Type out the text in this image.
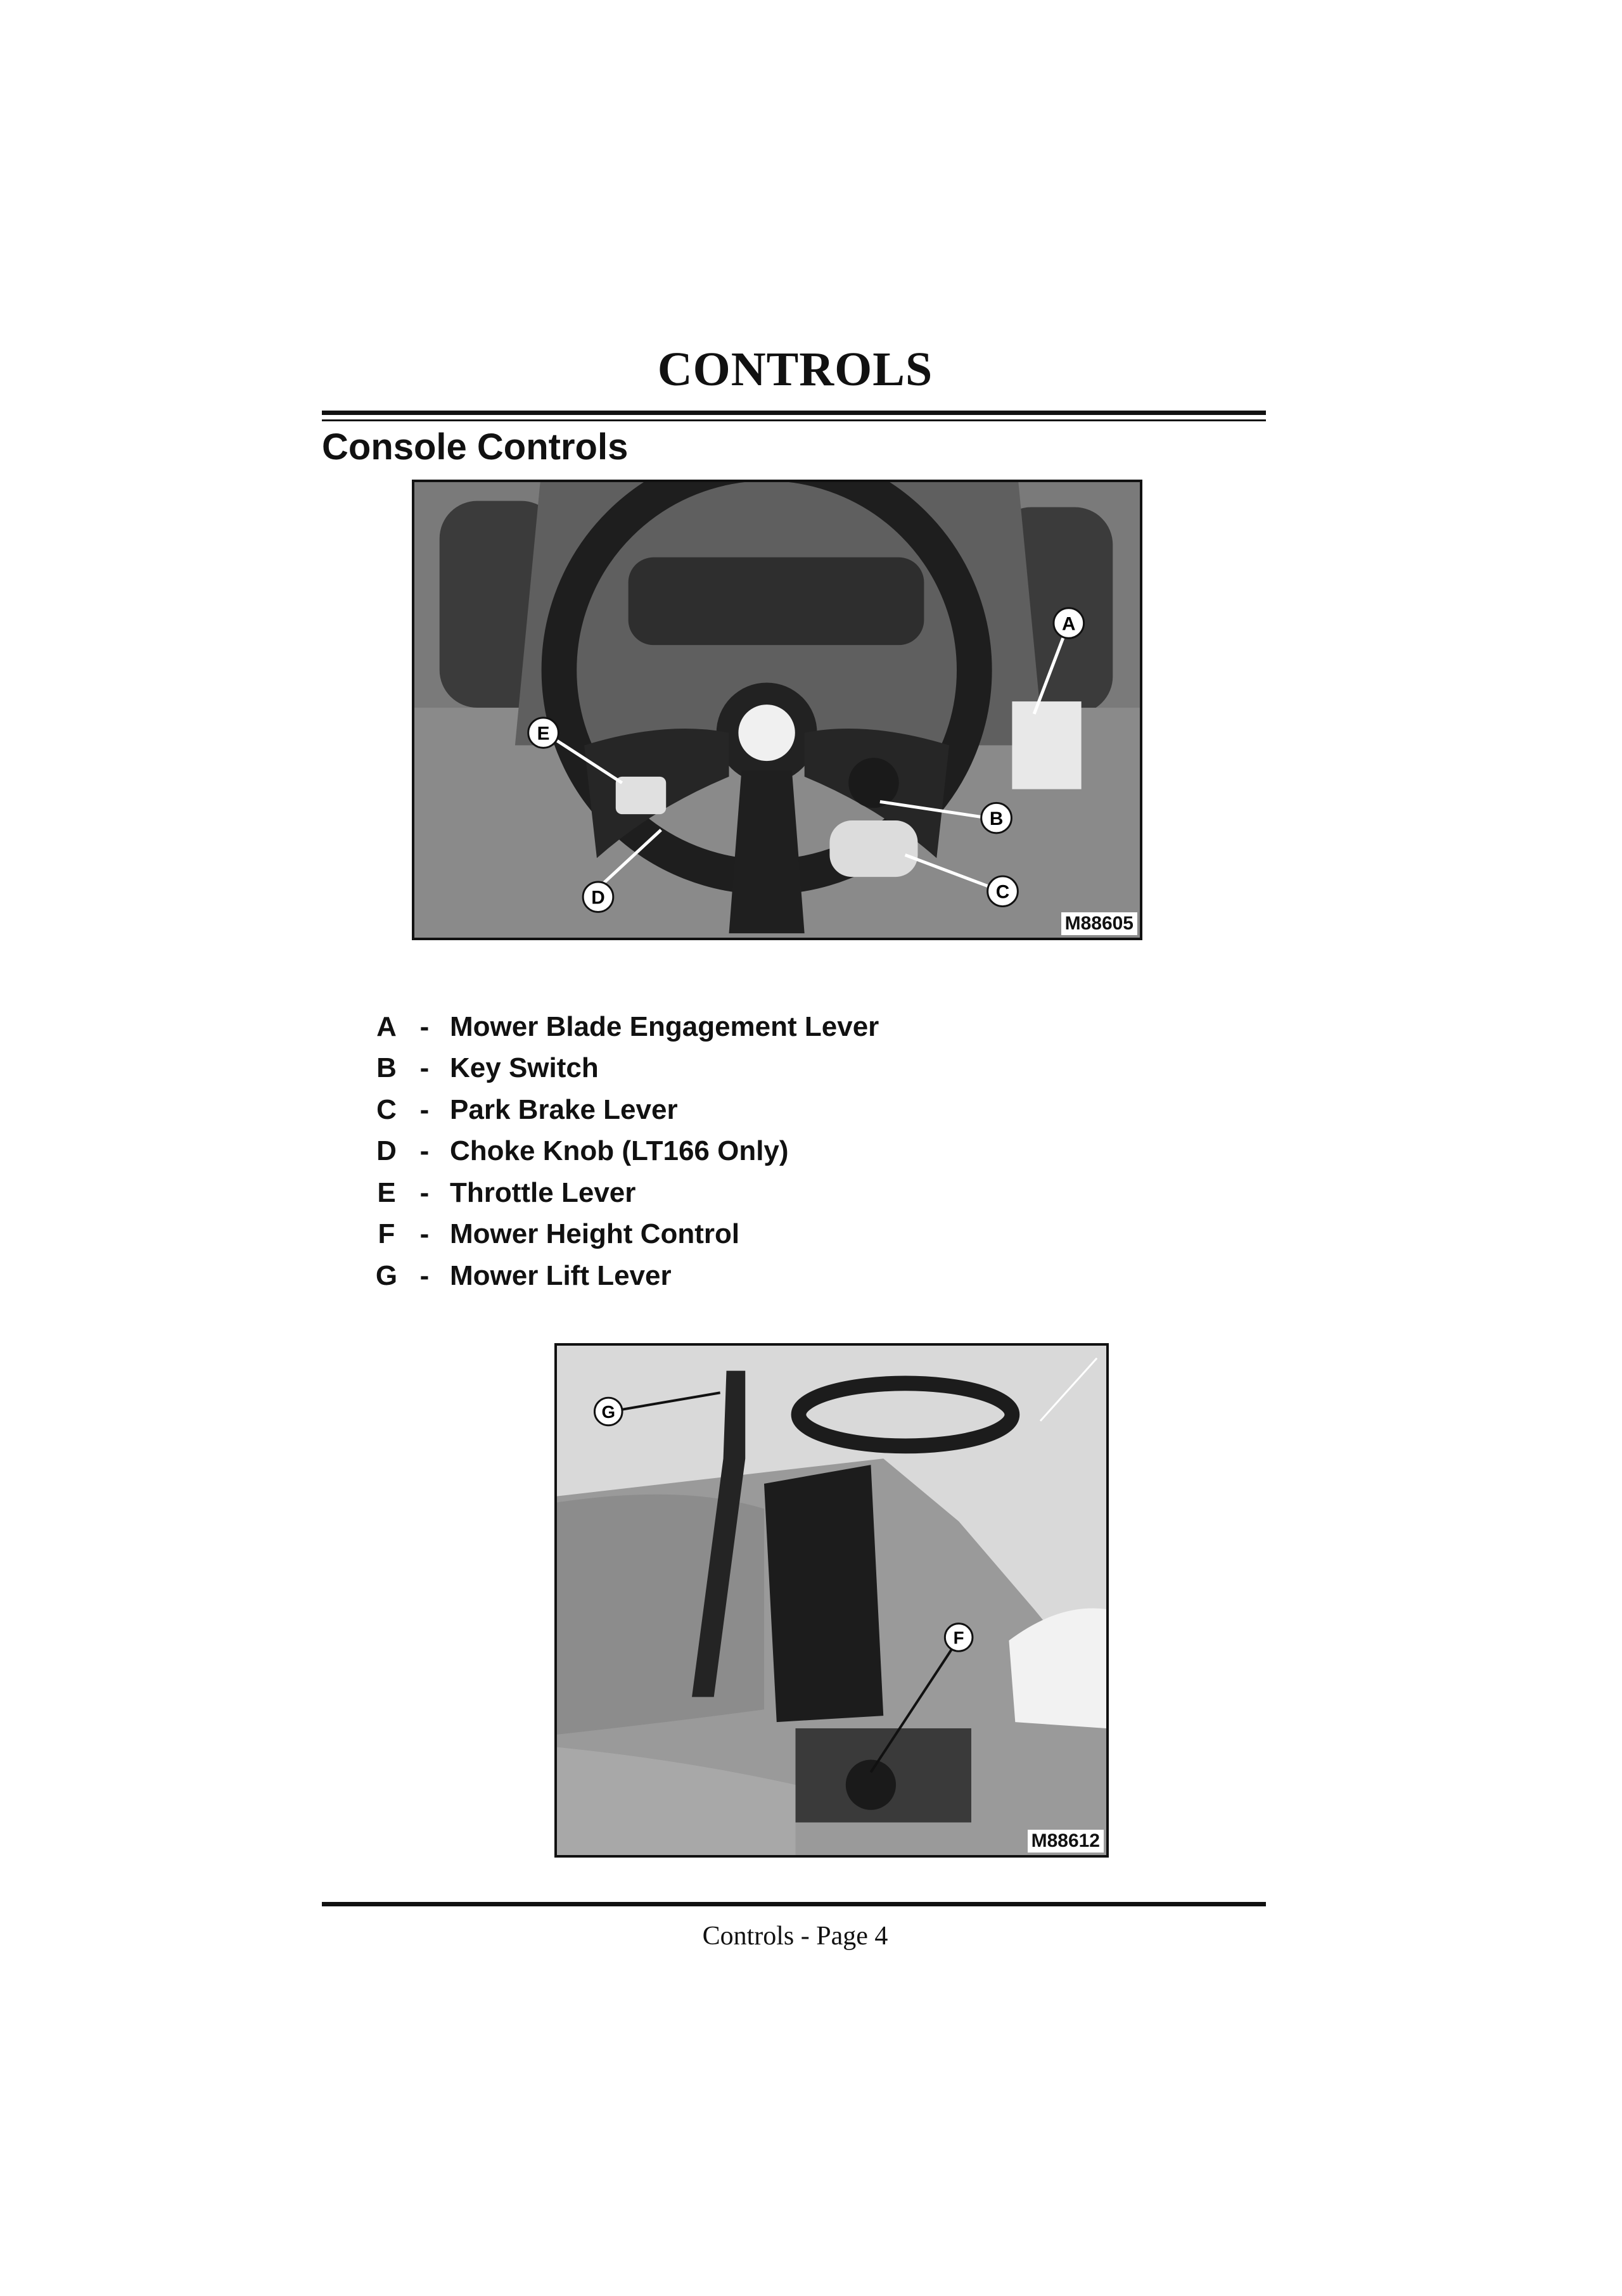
CONTROLS
Console Controls
A
B
C
D
E
M88605
A - Mower Blade Engagement Lever
B - Key Switch
C - Park Brake Lever
D - Choke Knob (LT166 Only)
E - Throttle Lever
F - Mower Height Control
G - Mower Lift Lever
G
F
M88612
Controls - Page 4
